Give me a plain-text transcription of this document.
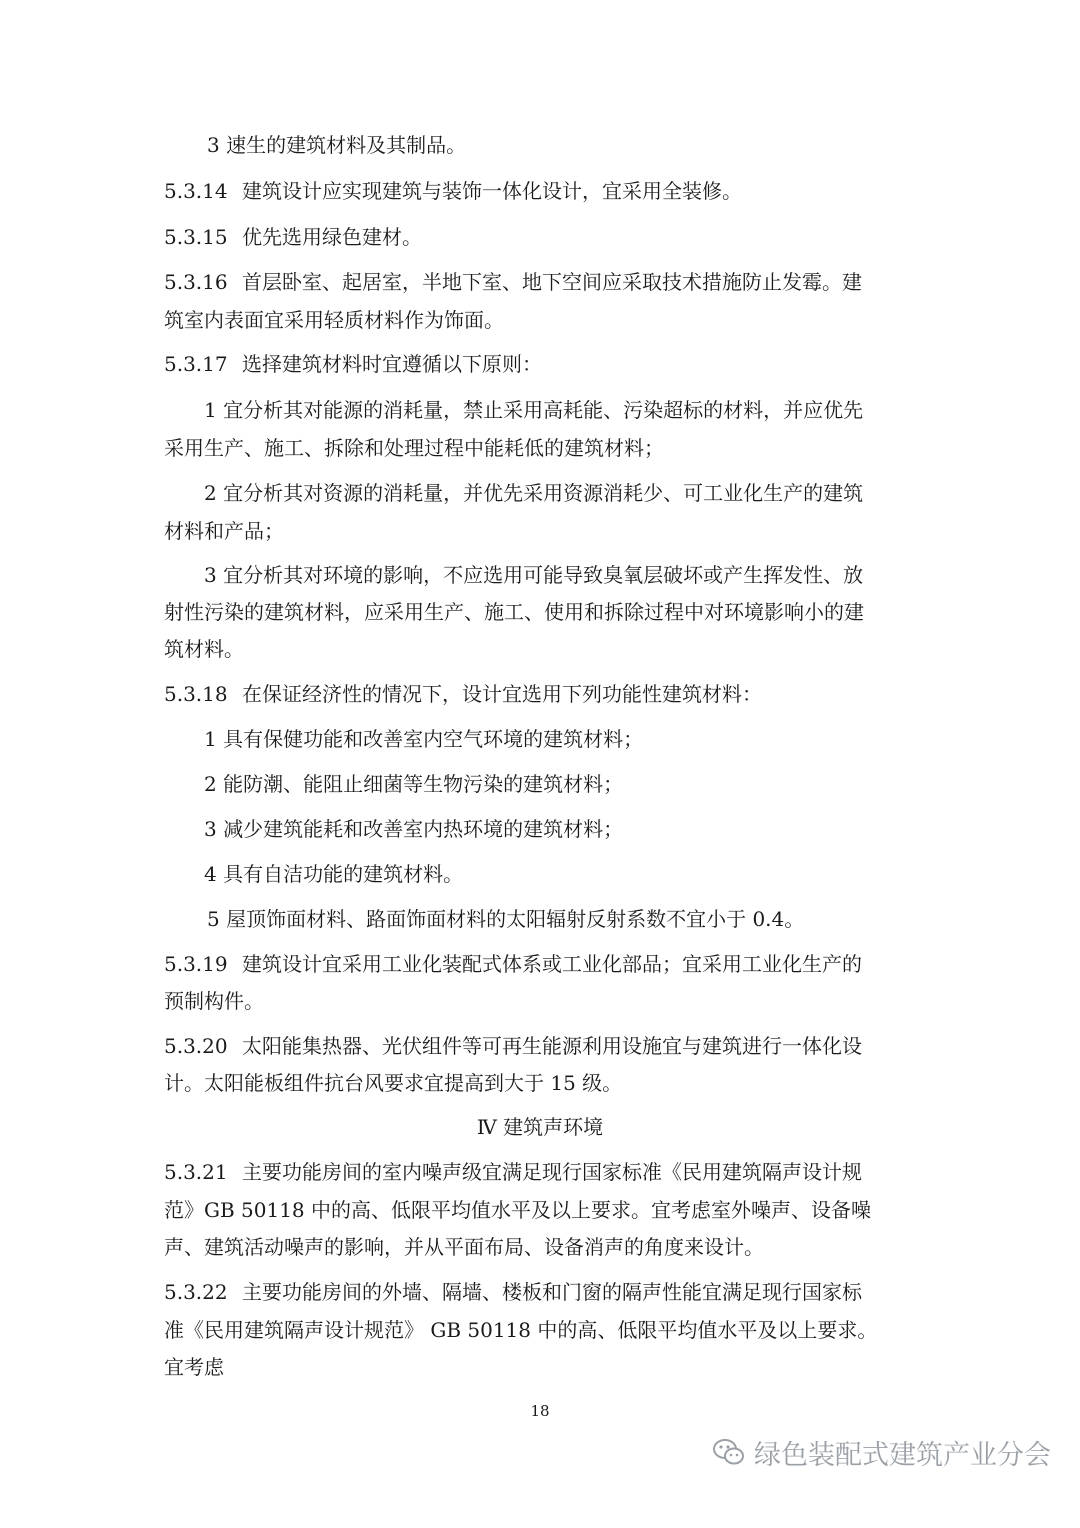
3 速生的建筑材料及其制品。
5.3.14 建筑设计应实现建筑与装饰一体化设计，宜采用全装修。
5.3.15 优先选用绿色建材。
5.3.16 首层卧室、起居室，半地下室、地下空间应采取技术措施防止发霉。建
筑室内表面宜采用轻质材料作为饰面。
5.3.17 选择建筑材料时宜遵循以下原则：
1 宜分析其对能源的消耗量，禁止采用高耗能、污染超标的材料，并应优先
采用生产、施工、拆除和处理过程中能耗低的建筑材料；
2 宜分析其对资源的消耗量，并优先采用资源消耗少、可工业化生产的建筑
材料和产品；
3 宜分析其对环境的影响，不应选用可能导致臭氧层破坏或产生挥发性、放
射性污染的建筑材料，应采用生产、施工、使用和拆除过程中对环境影响小的建
筑材料。
5.3.18 在保证经济性的情况下，设计宜选用下列功能性建筑材料：
1 具有保健功能和改善室内空气环境的建筑材料；
2 能防潮、能阻止细菌等生物污染的建筑材料；
3 减少建筑能耗和改善室内热环境的建筑材料；
4 具有自洁功能的建筑材料。
5 屋顶饰面材料、路面饰面材料的太阳辐射反射系数不宜小于 0.4。
5.3.19 建筑设计宜采用工业化装配式体系或工业化部品；宜采用工业化生产的
预制构件。
5.3.20 太阳能集热器、光伏组件等可再生能源利用设施宜与建筑进行一体化设
计。太阳能板组件抗台风要求宜提高到大于 15 级。
Ⅳ 建筑声环境
5.3.21 主要功能房间的室内噪声级宜满足现行国家标准《民用建筑隔声设计规
范》GB 50118 中的高、低限平均值水平及以上要求。宜考虑室外噪声、设备噪
声、建筑活动噪声的影响，并从平面布局、设备消声的角度来设计。
5.3.22 主要功能房间的外墙、隔墙、楼板和门窗的隔声性能宜满足现行国家标
准《民用建筑隔声设计规范》 GB 50118 中的高、低限平均值水平及以上要求。
宜考虑
18
绿色装配式建筑产业分会
